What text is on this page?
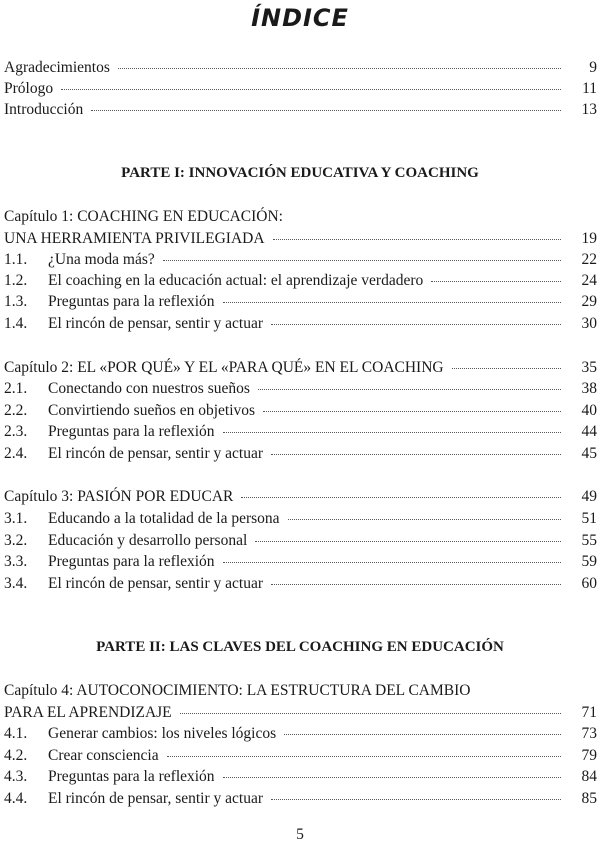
ÍNDICE
Agradecimientos	9
Prólogo	11
Introducción	13
PARTE I: INNOVACIÓN EDUCATIVA Y COACHING
Capítulo 1: COACHING EN EDUCACIÓN:
UNA HERRAMIENTA PRIVILEGIADA	19
1.1.	¿Una moda más?	22
1.2.	El coaching en la educación actual: el aprendizaje verdadero	24
1.3.	Preguntas para la reflexión	29
1.4.	El rincón de pensar, sentir y actuar	30
Capítulo 2: EL «POR QUÉ» Y EL «PARA QUÉ» EN EL COACHING	35
2.1.	Conectando con nuestros sueños	38
2.2.	Convirtiendo sueños en objetivos	40
2.3.	Preguntas para la reflexión	44
2.4.	El rincón de pensar, sentir y actuar	45
Capítulo 3: PASIÓN POR EDUCAR	49
3.1.	Educando a la totalidad de la persona	51
3.2.	Educación y desarrollo personal	55
3.3.	Preguntas para la reflexión	59
3.4.	El rincón de pensar, sentir y actuar	60
PARTE II: LAS CLAVES DEL COACHING EN EDUCACIÓN
Capítulo 4: AUTOCONOCIMIENTO: LA ESTRUCTURA DEL CAMBIO
PARA EL APRENDIZAJE	71
4.1.	Generar cambios: los niveles lógicos	73
4.2.	Crear consciencia	79
4.3.	Preguntas para la reflexión	84
4.4.	El rincón de pensar, sentir y actuar	85
5
